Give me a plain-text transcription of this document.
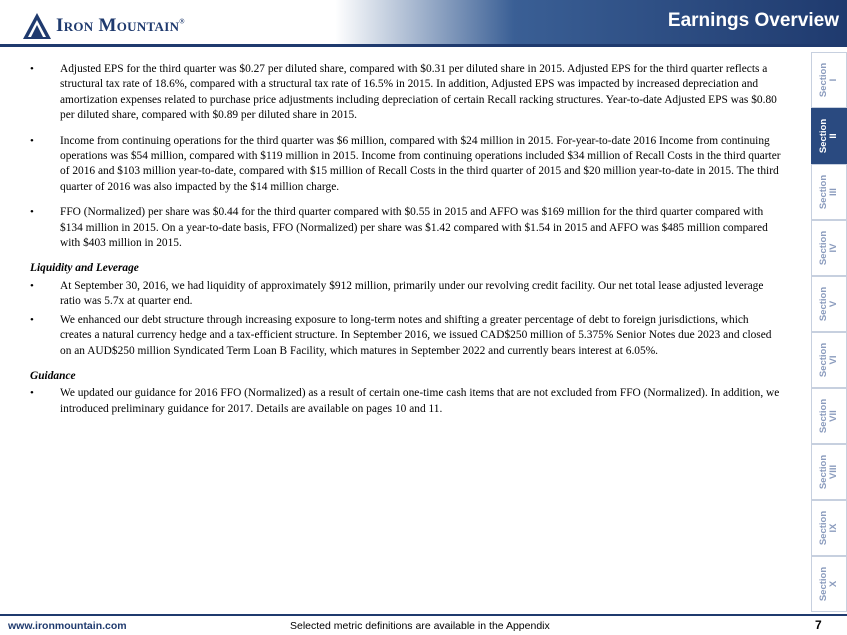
Iron Mountain®	Earnings Overview
• Adjusted EPS for the third quarter was $0.27 per diluted share, compared with $0.31 per diluted share in 2015. Adjusted EPS for the third quarter reflects a structural tax rate of 18.6%, compared with a structural tax rate of 16.5% in 2015. In addition, Adjusted EPS was impacted by increased depreciation and amortization expenses related to purchase price adjustments including depreciation of certain Recall racking structures. Year-to-date Adjusted EPS was $0.80 per diluted share, compared with $0.89 per diluted share in 2015.
• Income from continuing operations for the third quarter was $6 million, compared with $24 million in 2015. For-year-to-date 2016 Income from continuing operations was $54 million, compared with $119 million in 2015. Income from continuing operations included $34 million of Recall Costs in the third quarter of 2016 and $103 million year-to-date, compared with $15 million of Recall Costs in the third quarter of 2015 and $20 million year-to-date in 2015. The third quarter of 2016 was also impacted by the $14 million charge.
• FFO (Normalized) per share was $0.44 for the third quarter compared with $0.55 in 2015 and AFFO was $169 million for the third quarter compared with $134 million in 2015. On a year-to-date basis, FFO (Normalized) per share was $1.42 compared with $1.54 in 2015 and AFFO was $485 million compared with $403 million in 2015.
Liquidity and Leverage
• At September 30, 2016, we had liquidity of approximately $912 million, primarily under our revolving credit facility. Our net total lease adjusted leverage ratio was 5.7x at quarter end.
• We enhanced our debt structure through increasing exposure to long-term notes and shifting a greater percentage of debt to foreign jurisdictions, which creates a natural currency hedge and a tax-efficient structure. In September 2016, we issued CAD$250 million of 5.375% Senior Notes due 2023 and closed on an AUD$250 million Syndicated Term Loan B Facility, which matures in September 2022 and currently bears interest at 6.05%.
Guidance
• We updated our guidance for 2016 FFO (Normalized) as a result of certain one-time cash items that are not excluded from FFO (Normalized). In addition, we introduced preliminary guidance for 2017. Details are available on pages 10 and 11.
Section I
Section II
Section III
Section IV
Section V
Section VI
Section VII
Section VIII
Section IX
Section X
www.ironmountain.com	Selected metric definitions are available in the Appendix	7
